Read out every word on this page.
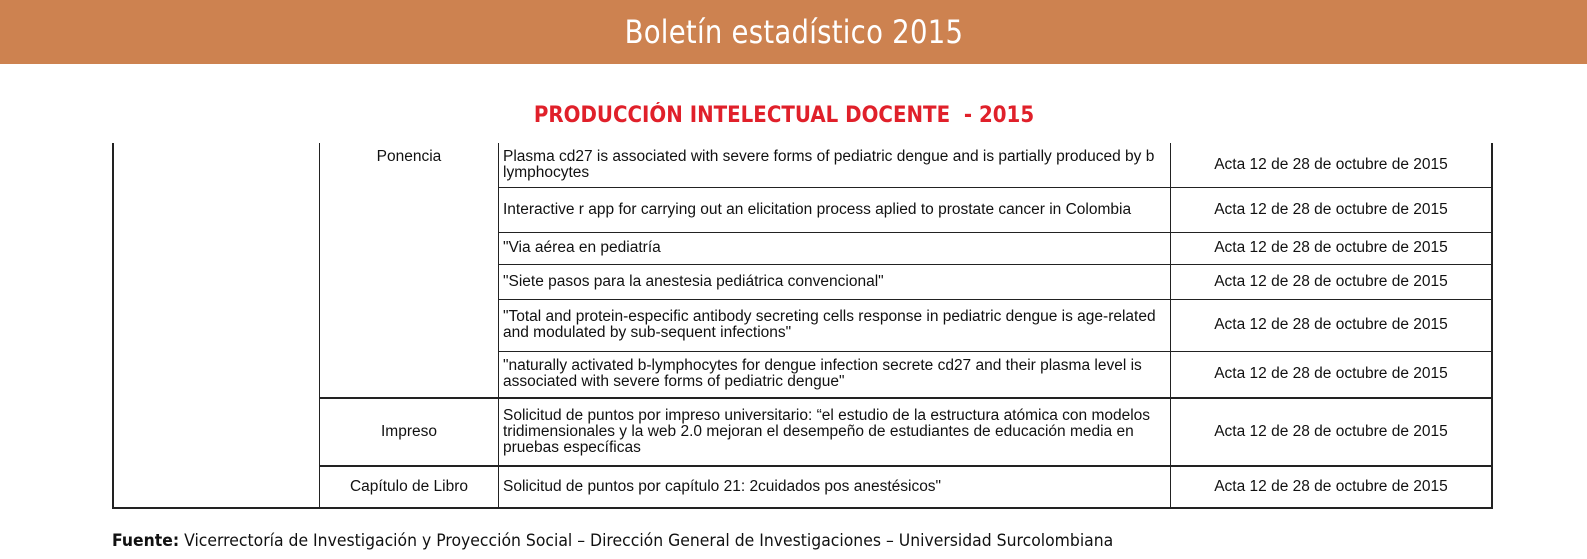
Boletín estadístico 2015
PRODUCCIÓN INTELECTUAL DOCENTE  - 2015
	Ponencia	Plasma cd27 is associated with severe forms of pediatric dengue and is partially produced by b lymphocytes	Acta 12 de 28 de octubre de 2015
		Interactive r app for carrying out an elicitation process aplied to prostate cancer in Colombia	Acta 12 de 28 de octubre de 2015
		"Via aérea en pediatría	Acta 12 de 28 de octubre de 2015
		"Siete pasos para la anestesia pediátrica convencional"	Acta 12 de 28 de octubre de 2015
		"Total and protein-especific antibody secreting cells response in pediatric dengue is age-related and modulated by sub-sequent infections"	Acta 12 de 28 de octubre de 2015
		"naturally activated b-lymphocytes for dengue infection secrete cd27 and their plasma level is associated with severe forms of pediatric dengue"	Acta 12 de 28 de octubre de 2015
	Impreso	Solicitud de puntos por impreso universitario: “el estudio de la estructura atómica con modelos tridimensionales y la web 2.0 mejoran el desempeño de estudiantes de educación media en pruebas específicas	Acta 12 de 28 de octubre de 2015
	Capítulo de Libro	Solicitud de puntos por capítulo 21: 2cuidados pos anestésicos"	Acta 12 de 28 de octubre de 2015
Fuente: Vicerrectoría de Investigación y Proyección Social – Dirección General de Investigaciones – Universidad Surcolombiana
